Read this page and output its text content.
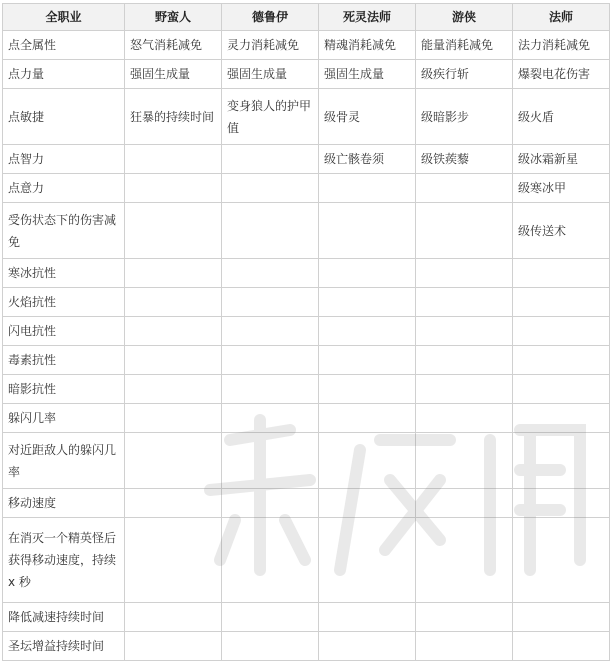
全职业	野蛮人	德鲁伊	死灵法师	游侠	法师
点全属性	怒气消耗减免	灵力消耗减免	精魂消耗减免	能量消耗减免	法力消耗减免
点力量	强固生成量	强固生成量	强固生成量	级疾行斩	爆裂电花伤害
点敏捷	狂暴的持续时间	变身狼人的护甲值	级骨灵	级暗影步	级火盾
点智力			级亡骸卷须	级铁蒺藜	级冰霜新星
点意力					级寒冰甲
受伤状态下的伤害减免					级传送术
寒冰抗性					
火焰抗性					
闪电抗性					
毒素抗性					
暗影抗性					
躲闪几率					
对近距敌人的躲闪几率					
移动速度					
在消灭一个精英怪后获得移动速度，持续 x 秒					
降低减速持续时间					
圣坛增益持续时间					
